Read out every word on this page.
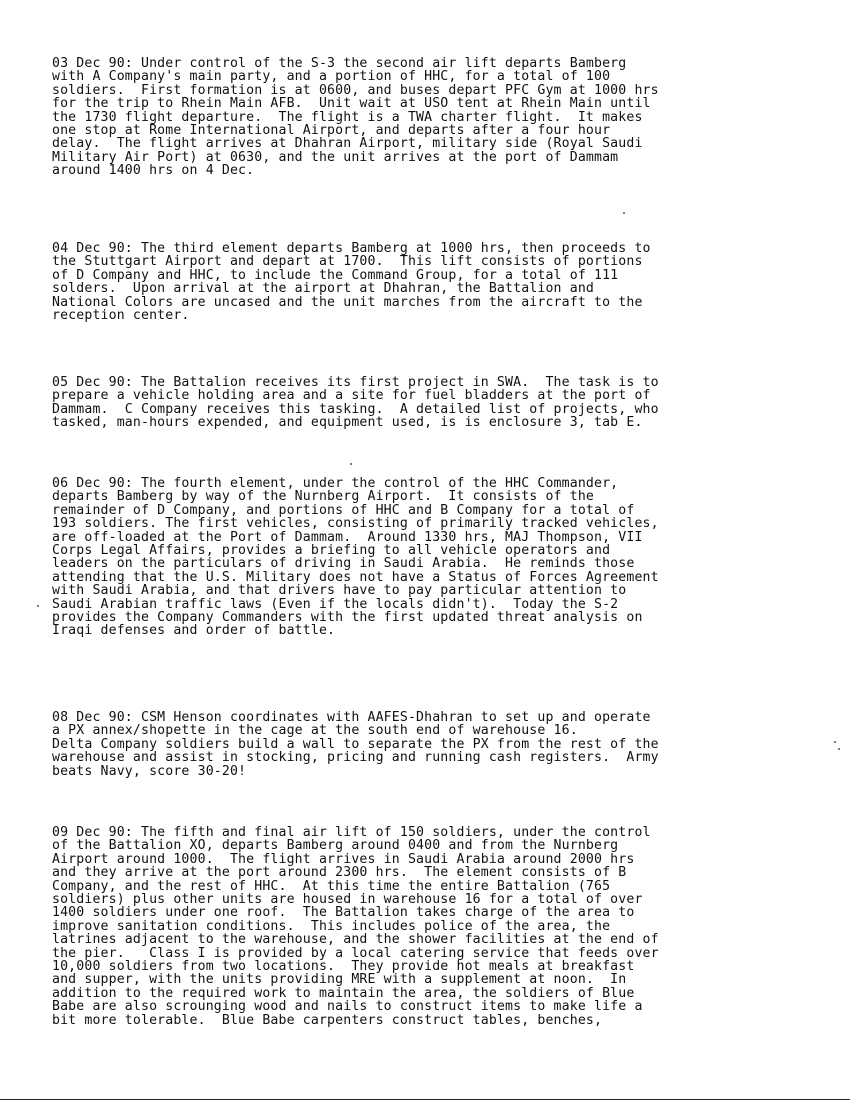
03 Dec 90: Under control of the S-3 the second air lift departs Bamberg
with A Company's main party, and a portion of HHC, for a total of 100
soldiers.  First formation is at 0600, and buses depart PFC Gym at 1000 hrs
for the trip to Rhein Main AFB.  Unit wait at USO tent at Rhein Main until
the 1730 flight departure.  The flight is a TWA charter flight.  It makes
one stop at Rome International Airport, and departs after a four hour
delay.  The flight arrives at Dhahran Airport, military side (Royal Saudi
Military Air Port) at 0630, and the unit arrives at the port of Dammam
around 1400 hrs on 4 Dec.

04 Dec 90: The third element departs Bamberg at 1000 hrs, then proceeds to
the Stuttgart Airport and depart at 1700.  This lift consists of portions
of D Company and HHC, to include the Command Group, for a total of 111
solders.  Upon arrival at the airport at Dhahran, the Battalion and
National Colors are uncased and the unit marches from the aircraft to the
reception center.

05 Dec 90: The Battalion receives its first project in SWA.  The task is to
prepare a vehicle holding area and a site for fuel bladders at the port of
Dammam.  C Company receives this tasking.  A detailed list of projects, who
tasked, man-hours expended, and equipment used, is is enclosure 3, tab E.

06 Dec 90: The fourth element, under the control of the HHC Commander,
departs Bamberg by way of the Nurnberg Airport.  It consists of the
remainder of D Company, and portions of HHC and B Company for a total of
193 soldiers. The first vehicles, consisting of primarily tracked vehicles,
are off-loaded at the Port of Dammam.  Around 1330 hrs, MAJ Thompson, VII
Corps Legal Affairs, provides a briefing to all vehicle operators and
leaders on the particulars of driving in Saudi Arabia.  He reminds those
attending that the U.S. Military does not have a Status of Forces Agreement
with Saudi Arabia, and that drivers have to pay particular attention to
Saudi Arabian traffic laws (Even if the locals didn't).  Today the S-2
provides the Company Commanders with the first updated threat analysis on
Iraqi defenses and order of battle.

08 Dec 90: CSM Henson coordinates with AAFES-Dhahran to set up and operate
a PX annex/shopette in the cage at the south end of warehouse 16.
Delta Company soldiers build a wall to separate the PX from the rest of the
warehouse and assist in stocking, pricing and running cash registers.  Army
beats Navy, score 30-20!

09 Dec 90: The fifth and final air lift of 150 soldiers, under the control
of the Battalion XO, departs Bamberg around 0400 and from the Nurnberg
Airport around 1000.  The flight arrives in Saudi Arabia around 2000 hrs
and they arrive at the port around 2300 hrs.  The element consists of B
Company, and the rest of HHC.  At this time the entire Battalion (765
soldiers) plus other units are housed in warehouse 16 for a total of over
1400 soldiers under one roof.  The Battalion takes charge of the area to
improve sanitation conditions.  This includes police of the area, the
latrines adjacent to the warehouse, and the shower facilities at the end of
the pier.   Class I is provided by a local catering service that feeds over
10,000 soldiers from two locations.  They provide hot meals at breakfast
and supper, with the units providing MRE with a supplement at noon.  In
addition to the required work to maintain the area, the soldiers of Blue
Babe are also scrounging wood and nails to construct items to make life a
bit more tolerable.  Blue Babe carpenters construct tables, benches,
